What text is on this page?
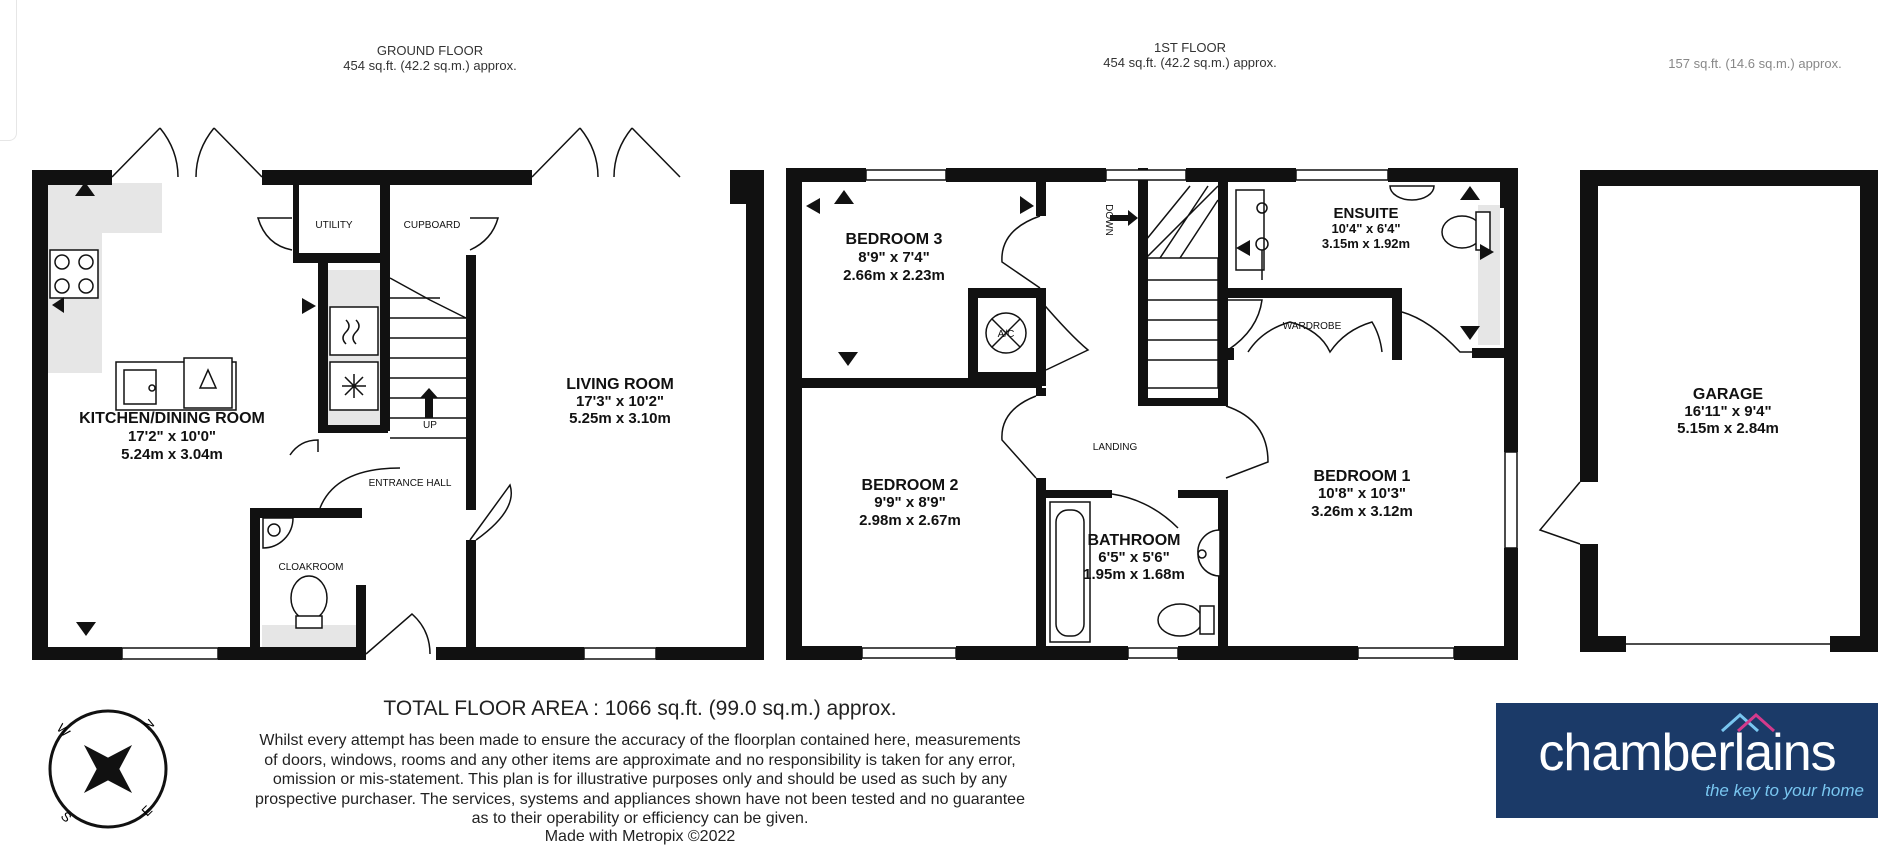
GROUND FLOOR
454 sq.ft. (42.2 sq.m.) approx.
1ST FLOOR
454 sq.ft. (42.2 sq.m.) approx.	157 sq.ft. (14.6 sq.m.) approx.
KITCHEN/DINING ROOM
17'2" x 10'0"
5.24m x 3.04m
LIVING ROOM
17'3" x 10'2"
5.25m x 3.10m
BEDROOM 3
8'9" x 7'4"
2.66m x 2.23m
BEDROOM 2
9'9" x 8'9"
2.98m x 2.67m
BEDROOM 1
10'8" x 10'3"
3.26m x 3.12m
ENSUITE
10'4" x 6'4"
3.15m x 1.92m
BATHROOM
6'5" x 5'6"
1.95m x 1.68m
GARAGE
16'11" x 9'4"
5.15m x 2.84m
UTILITY	CUPBOARD
ENTRANCE HALL
CLOAKROOM
LANDING
WARDROBE
UP
DOWN
A/C
TOTAL FLOOR AREA : 1066 sq.ft. (99.0 sq.m.) approx.
Whilst every attempt has been made to ensure the accuracy of the floorplan contained here, measurements
of doors, windows, rooms and any other items are approximate and no responsibility is taken for any error,
omission or mis-statement. This plan is for illustrative purposes only and should be used as such by any
prospective purchaser. The services, systems and appliances shown have not been tested and no guarantee
as to their operability or efficiency can be given.
Made with Metropix ©2022
N
E
S
W	chamberlains
the key to your home
